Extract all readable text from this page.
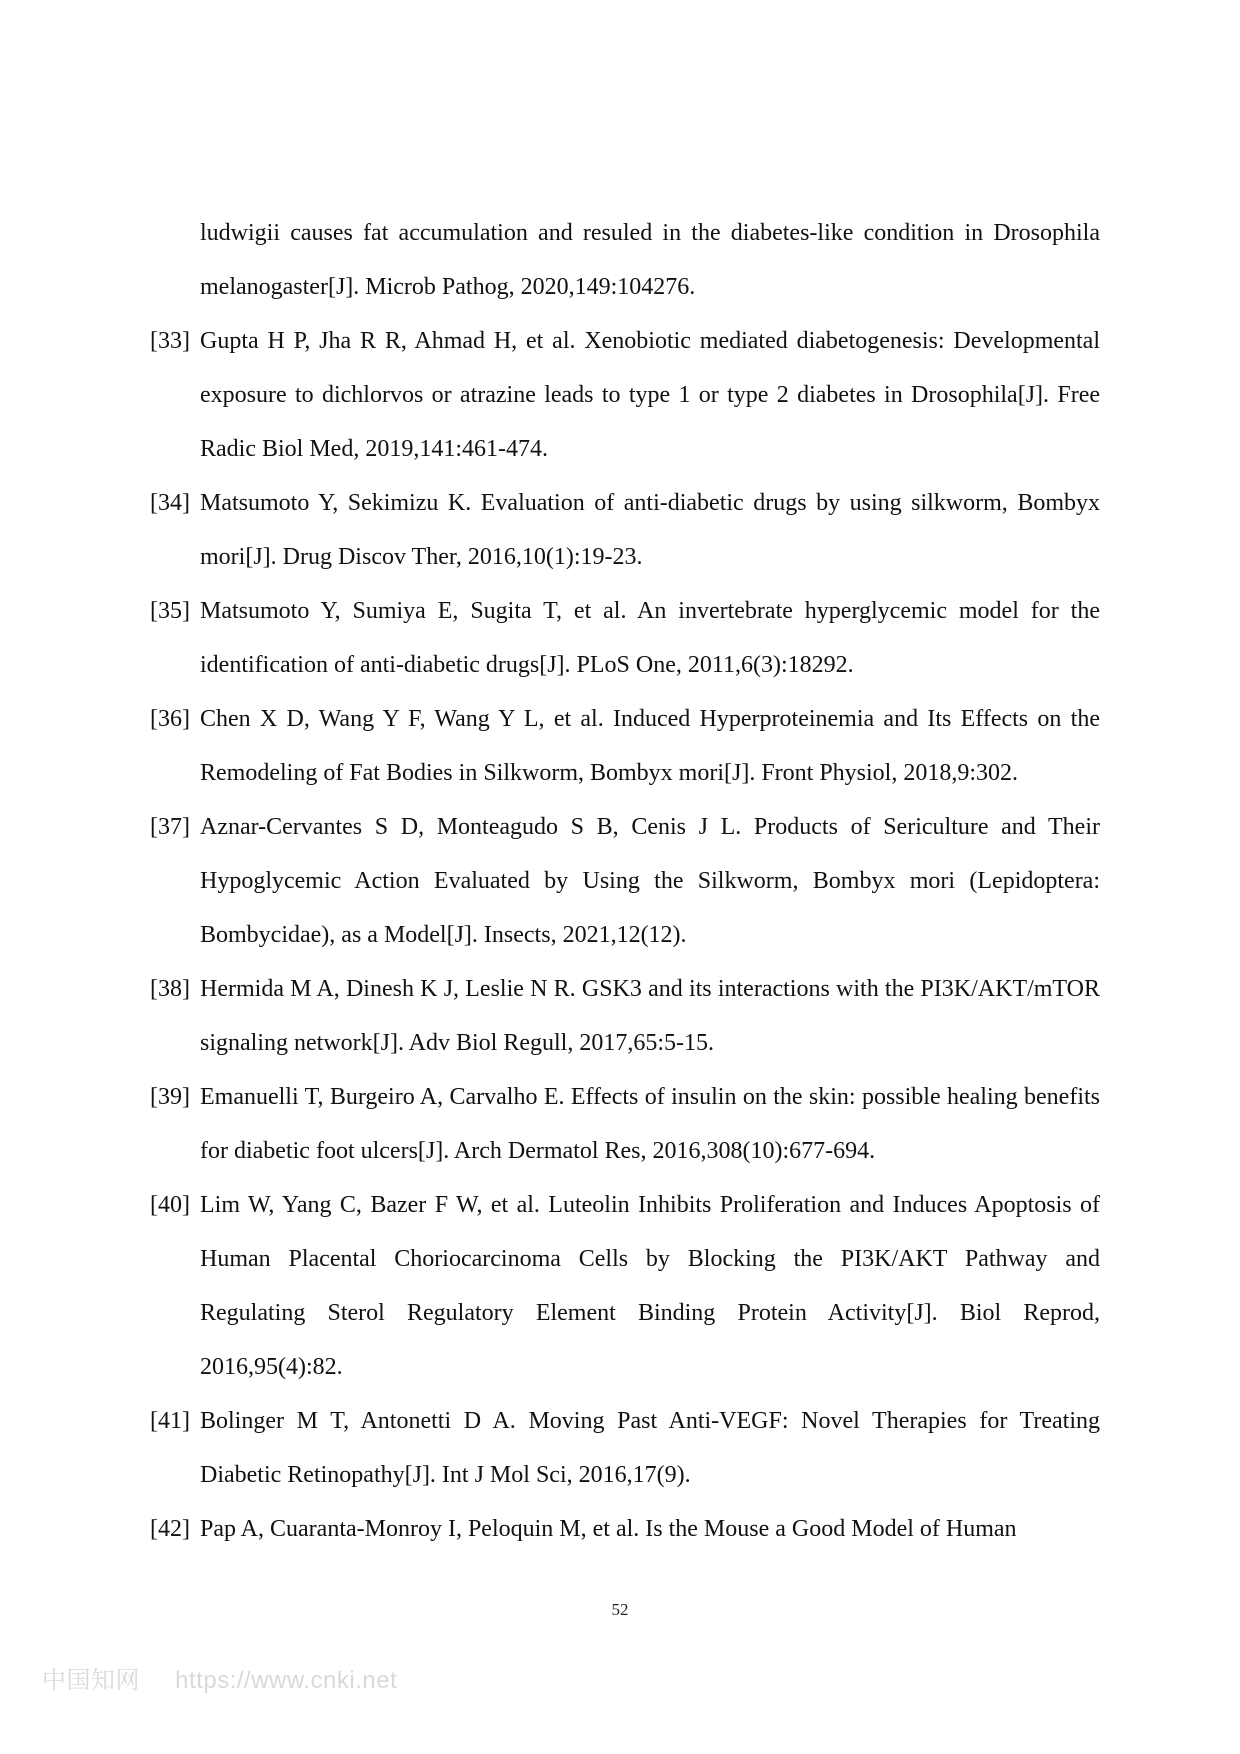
ludwigii causes fat accumulation and resuled in the diabetes-like condition in Drosophila melanogaster[J]. Microb Pathog, 2020,149:104276.
[33] Gupta H P, Jha R R, Ahmad H, et al. Xenobiotic mediated diabetogenesis: Developmental exposure to dichlorvos or atrazine leads to type 1 or type 2 diabetes in Drosophila[J]. Free Radic Biol Med, 2019,141:461-474.
[34] Matsumoto Y, Sekimizu K. Evaluation of anti-diabetic drugs by using silkworm, Bombyx mori[J]. Drug Discov Ther, 2016,10(1):19-23.
[35] Matsumoto Y, Sumiya E, Sugita T, et al. An invertebrate hyperglycemic model for the identification of anti-diabetic drugs[J]. PLoS One, 2011,6(3):18292.
[36] Chen X D, Wang Y F, Wang Y L, et al. Induced Hyperproteinemia and Its Effects on the Remodeling of Fat Bodies in Silkworm, Bombyx mori[J]. Front Physiol, 2018,9:302.
[37] Aznar-Cervantes S D, Monteagudo S B, Cenis J L. Products of Sericulture and Their Hypoglycemic Action Evaluated by Using the Silkworm, Bombyx mori (Lepidoptera: Bombycidae), as a Model[J]. Insects, 2021,12(12).
[38] Hermida M A, Dinesh K J, Leslie N R. GSK3 and its interactions with the PI3K/AKT/mTOR signaling network[J]. Adv Biol Regull, 2017,65:5-15.
[39] Emanuelli T, Burgeiro A, Carvalho E. Effects of insulin on the skin: possible healing benefits for diabetic foot ulcers[J]. Arch Dermatol Res, 2016,308(10):677-694.
[40] Lim W, Yang C, Bazer F W, et al. Luteolin Inhibits Proliferation and Induces Apoptosis of Human Placental Choriocarcinoma Cells by Blocking the PI3K/AKT Pathway and Regulating Sterol Regulatory Element Binding Protein Activity[J]. Biol Reprod, 2016,95(4):82.
[41] Bolinger M T, Antonetti D A. Moving Past Anti-VEGF: Novel Therapies for Treating Diabetic Retinopathy[J]. Int J Mol Sci, 2016,17(9).
[42] Pap A, Cuaranta-Monroy I, Peloquin M, et al. Is the Mouse a Good Model of Human
52
中国知网 https://www.cnki.net
